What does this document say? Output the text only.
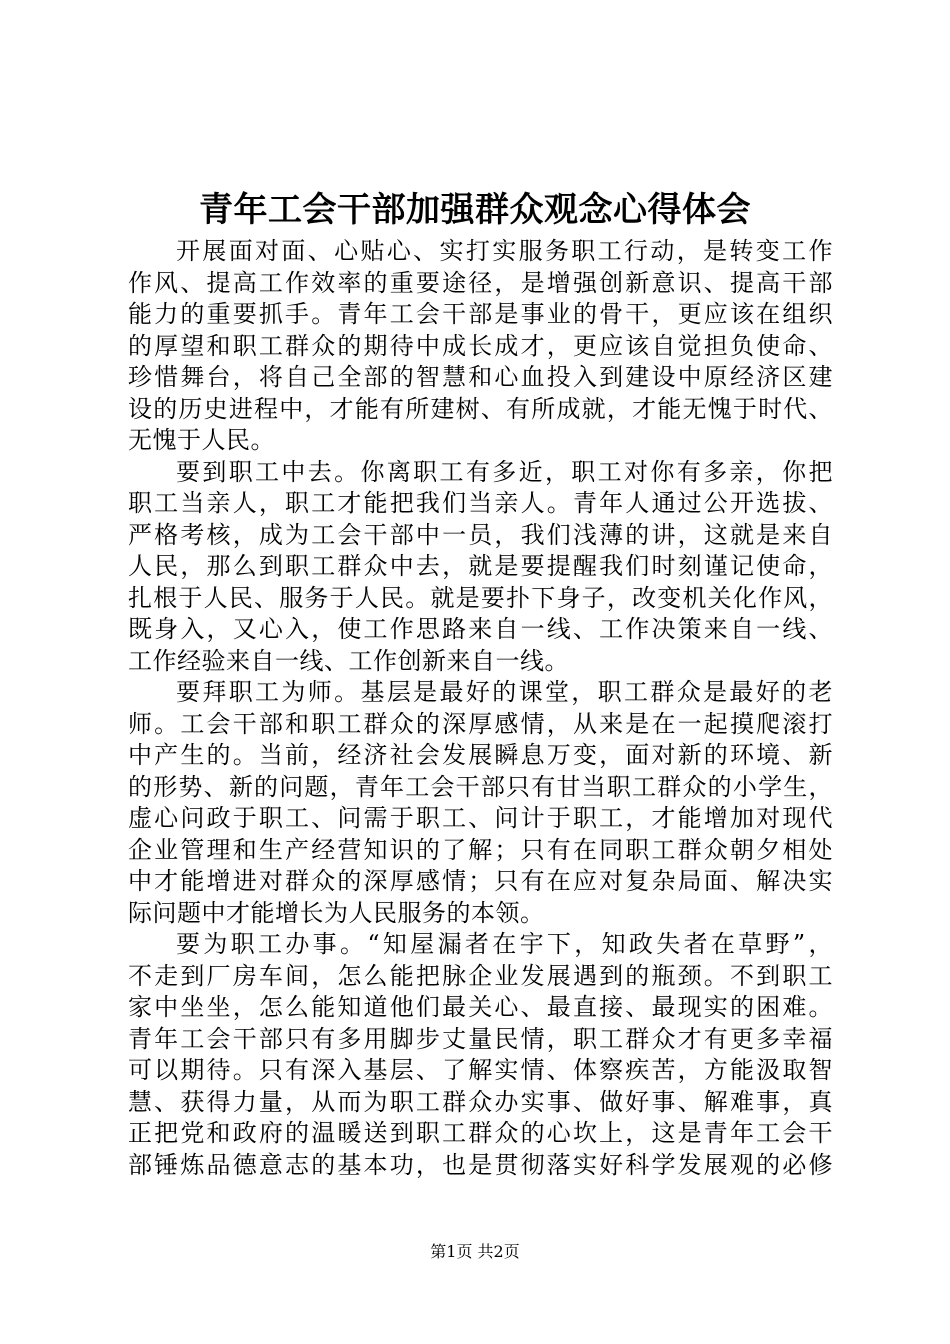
青年工会干部加强群众观念心得体会
开展面对面、心贴心、实打实服务职工行动，是转变工作
作风、提高工作效率的重要途径，是增强创新意识、提高干部
能力的重要抓手。青年工会干部是事业的骨干，更应该在组织
的厚望和职工群众的期待中成长成才，更应该自觉担负使命、
珍惜舞台，将自己全部的智慧和心血投入到建设中原经济区建
设的历史进程中，才能有所建树、有所成就，才能无愧于时代、
无愧于人民。
要到职工中去。你离职工有多近，职工对你有多亲，你把
职工当亲人，职工才能把我们当亲人。青年人通过公开选拔、
严格考核，成为工会干部中一员，我们浅薄的讲，这就是来自
人民，那么到职工群众中去，就是要提醒我们时刻谨记使命，
扎根于人民、服务于人民。就是要扑下身子，改变机关化作风，
既身入，又心入，使工作思路来自一线、工作决策来自一线、
工作经验来自一线、工作创新来自一线。
要拜职工为师。基层是最好的课堂，职工群众是最好的老
师。工会干部和职工群众的深厚感情，从来是在一起摸爬滚打
中产生的。当前，经济社会发展瞬息万变，面对新的环境、新
的形势、新的问题，青年工会干部只有甘当职工群众的小学生，
虚心问政于职工、问需于职工、问计于职工，才能增加对现代
企业管理和生产经营知识的了解；只有在同职工群众朝夕相处
中才能增进对群众的深厚感情；只有在应对复杂局面、解决实
际问题中才能增长为人民服务的本领。
要为职工办事。“知屋漏者在宇下，知政失者在草野”，
不走到厂房车间，怎么能把脉企业发展遇到的瓶颈。不到职工
家中坐坐，怎么能知道他们最关心、最直接、最现实的困难。
青年工会干部只有多用脚步丈量民情，职工群众才有更多幸福
可以期待。只有深入基层、了解实情、体察疾苦，方能汲取智
慧、获得力量，从而为职工群众办实事、做好事、解难事，真
正把党和政府的温暖送到职工群众的心坎上，这是青年工会干
部锤炼品德意志的基本功，也是贯彻落实好科学发展观的必修
第1页 共2页
